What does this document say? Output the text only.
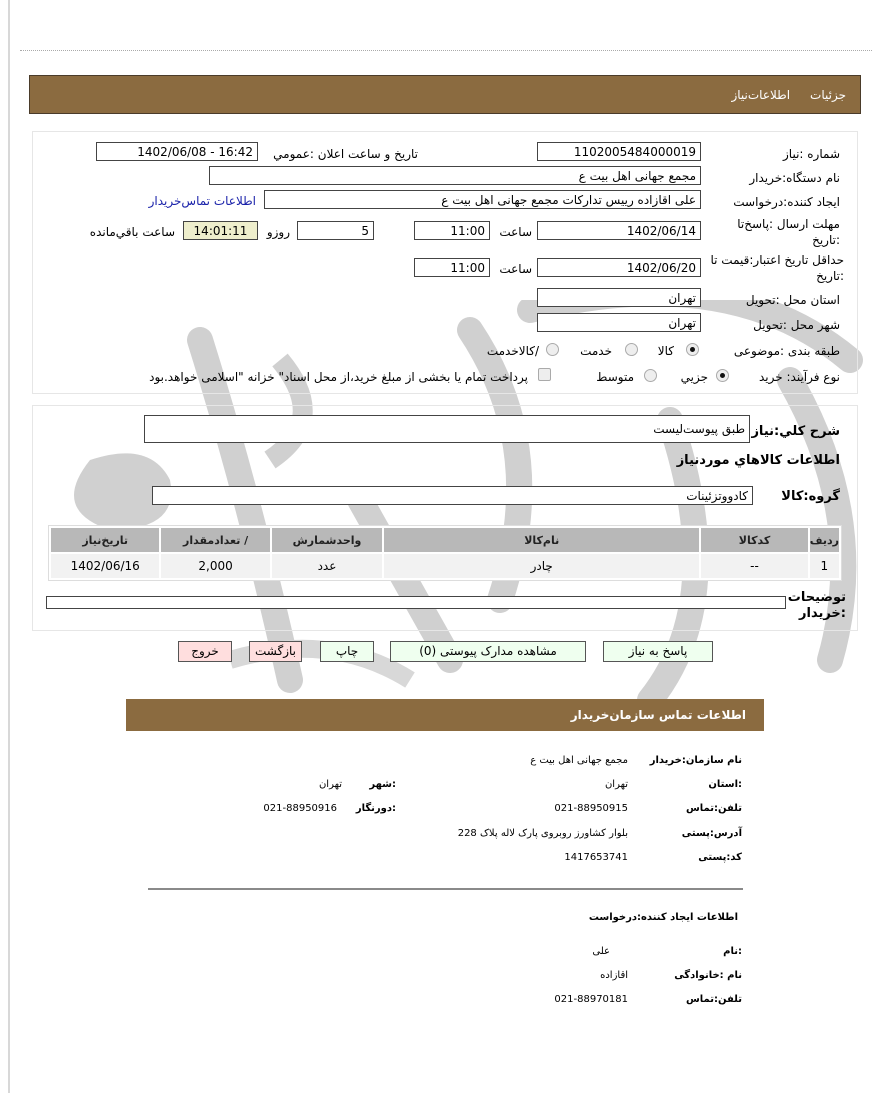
جزئیات
اطلاعات‌نیاز
شماره :نیاز
1102005484000019
تاریخ و ساعت اعلان :عمومي
1402/06/08 - 16:42
نام دستگاه:خریدار
مجمع جهانی اهل بیت ع
ایجاد کننده:درخواست
علی اقازاده رییس تدارکات مجمع جهانی اهل بیت ع
اطلاعات تماس‌خریدار
مهلت ارسال :پاسخ‌تا :تاریخ
1402/06/14
ساعت
11:00
5
روزو
14:01:11
ساعت باقي‌مانده
حداقل تاریخ اعتبار:قیمت تا :تاریخ
1402/06/20
ساعت
11:00
استان محل :تحویل
تهران
شهر محل :تحویل
تهران
طبقه بندی :موضوعی
کالا
خدمت
/کالاخدمت
نوع فرآیند: خرید
جزیي
متوسط
پرداخت تمام یا بخشی از مبلغ خرید،از محل اسناد" خزانه "اسلامی خواهد.بود
شرح کلي:نیاز
طبق پیوست‌لیست
اطلاعات کالاهاي موردنیاز
گروه:کالا
کادووتزئینات
ردیف	کدکالا	نام‌کالا	واحدشمارش	/ تعدادمقدار	تاریخ‌نیاز
1	--	چادر	عدد	2,000	1402/06/16
توضیحات :خریدار
پاسخ به نیاز
مشاهده مدارک پیوستی (0)
چاپ
بازگشت
خروج
اطلاعات تماس سازمان‌خریدار
نام سازمان:خریدار
مجمع جهانی اهل بیت ع
:استان
تهران
:شهر
تهران
تلفن:تماس
021-88950915
:دورنگار
021-88950916
آدرس:پستی
بلوار کشاورز روبروی پارک لاله پلاک 228
کد:پستی
1417653741
اطلاعات ایجاد کننده:درخواست
:نام
علی
نام :خانوادگی
اقازاده
تلفن:تماس
021-88970181
